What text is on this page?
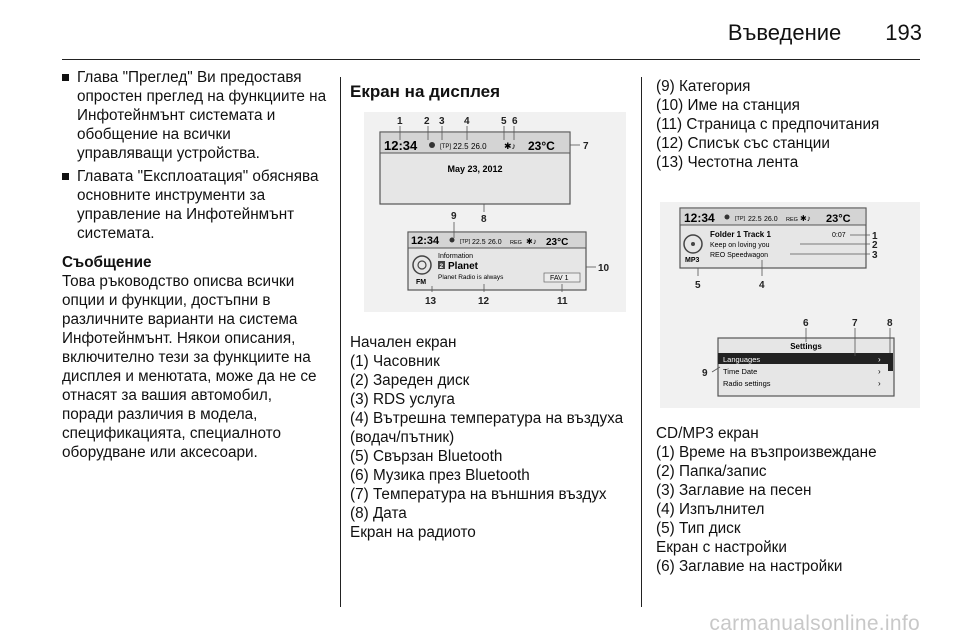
Въведение 193

Глава "Преглед" Ви предоставя опростен преглед на функциите на Инфотейнмънт системата и обобщение на всички управляващи устройства.

Главата "Експлоатация" обяснява основните инструменти за управление на Инфотейнмънт системата.

Съобщение

Това ръководство описва всички опции и функции, достъпни в различните варианти на система Инфотейнмънт. Някои описания, включително тези за функциите на дисплея и менютата, може да не се отнасят за вашия автомобил, поради различия в модела, спецификацията, специалното оборудване или аксесоари.

Екран на дисплея

12:34	[TP] 22.5 26.0 ✱♪ 23°C
May 23, 2012
1 2 3 4	5 6
7
8
12:34	[TP] 22.5 26.0 REG ✱♪ 23°C
FM
Information
2 Planet
Planet Radio is always	FAV 1
9
10
11
12
13

Начален екран

(1) Часовник

(2) Зареден диск

(3) RDS услуга

(4) Вътрешна температура на въздуха (водач/пътник)

(5) Свързан Bluetooth

(6) Музика през Bluetooth

(7) Температура на външния въздух

(8) Дата

Екран на радиото

(9) Категория

(10) Име на станция

(11) Страница с предпочитания

(12) Списък със станции

(13) Честотна лента

12:34	[TP] 22.5 26.0 REG ✱♪ 23°C
MP3
Folder 1 Track 1	0:07
Keep on loving you
REO Speedwagon
1
2
3
4
5
Settings
Languages	›
Time Date	›
Radio settings	›
6	7	8
9

CD/MP3 екран

(1) Време на възпроизвеждане

(2) Папка/запис

(3) Заглавие на песен

(4) Изпълнител

(5) Тип диск

Екран с настройки

(6) Заглавие на настройки

carmanualsonline.info
